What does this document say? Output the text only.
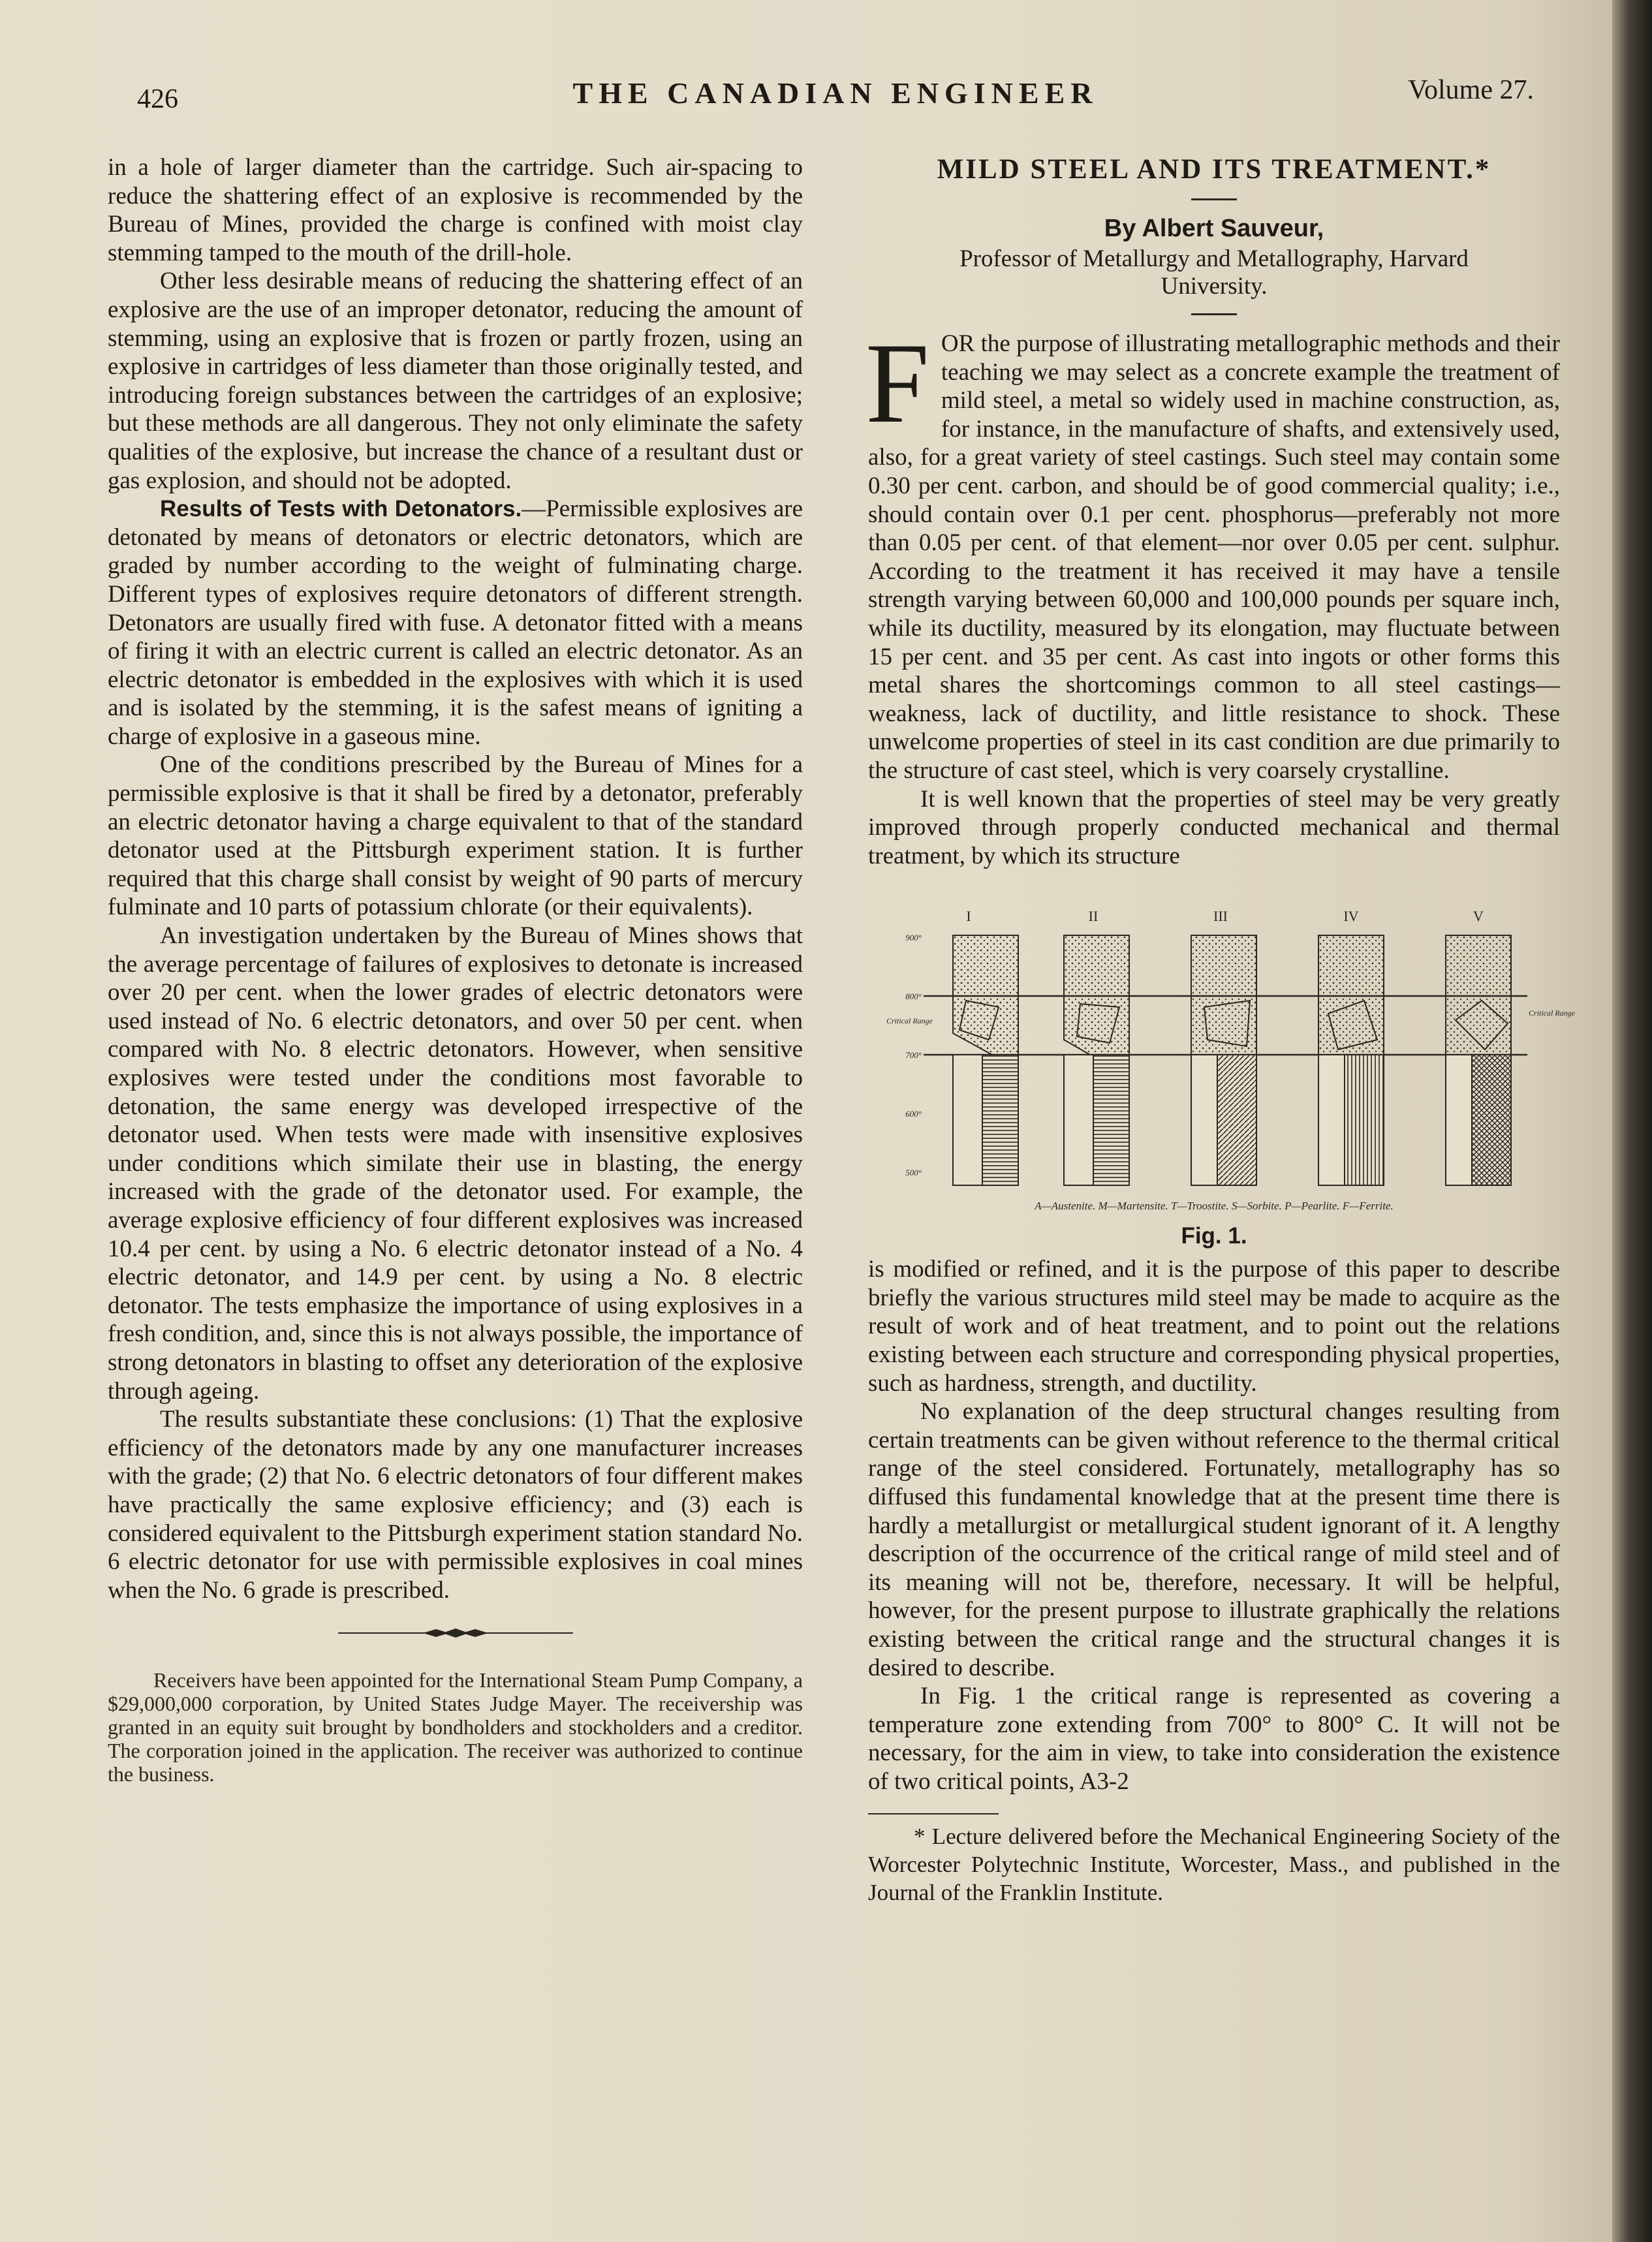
426	THE CANADIAN ENGINEER	Volume 27.

in a hole of larger diameter than the cartridge. Such air-spacing to reduce the shattering effect of an explosive is recommended by the Bureau of Mines, provided the charge is confined with moist clay stemming tamped to the mouth of the drill-hole.

Other less desirable means of reducing the shattering effect of an explosive are the use of an improper detonator, reducing the amount of stemming, using an explosive that is frozen or partly frozen, using an explosive in cartridges of less diameter than those originally tested, and introducing foreign substances between the cartridges of an explosive; but these methods are all dangerous. They not only eliminate the safety qualities of the explosive, but increase the chance of a resultant dust or gas explosion, and should not be adopted.

Results of Tests with Detonators.—Permissible explosives are detonated by means of detonators or electric detonators, which are graded by number according to the weight of fulminating charge. Different types of explosives require detonators of different strength. Detonators are usually fired with fuse. A detonator fitted with a means of firing it with an electric current is called an electric detonator. As an electric detonator is embedded in the explosives with which it is used and is isolated by the stemming, it is the safest means of igniting a charge of explosive in a gaseous mine.

One of the conditions prescribed by the Bureau of Mines for a permissible explosive is that it shall be fired by a detonator, preferably an electric detonator having a charge equivalent to that of the standard detonator used at the Pittsburgh experiment station. It is further required that this charge shall consist by weight of 90 parts of mercury fulminate and 10 parts of potassium chlorate (or their equivalents).

An investigation undertaken by the Bureau of Mines shows that the average percentage of failures of explosives to detonate is increased over 20 per cent. when the lower grades of electric detonators were used instead of No. 6 electric detonators, and over 50 per cent. when compared with No. 8 electric detonators. However, when sensitive explosives were tested under the conditions most favorable to detonation, the same energy was developed irrespective of the detonator used. When tests were made with insensitive explosives under conditions which similate their use in blasting, the energy increased with the grade of the detonator used. For example, the average explosive efficiency of four different explosives was increased 10.4 per cent. by using a No. 6 electric detonator instead of a No. 4 electric detonator, and 14.9 per cent. by using a No. 8 electric detonator. The tests emphasize the importance of using explosives in a fresh condition, and, since this is not always possible, the importance of strong detonators in blasting to offset any deterioration of the explosive through ageing.

The results substantiate these conclusions: (1) That the explosive efficiency of the detonators made by any one manufacturer increases with the grade; (2) that No. 6 electric detonators of four different makes have practically the same explosive efficiency; and (3) each is considered equivalent to the Pittsburgh experiment station standard No. 6 electric detonator for use with permissible explosives in coal mines when the No. 6 grade is prescribed.

Receivers have been appointed for the International Steam Pump Company, a $29,000,000 corporation, by United States Judge Mayer. The receivership was granted in an equity suit brought by bondholders and stockholders and a creditor. The corporation joined in the application. The receiver was authorized to continue the business.

MILD STEEL AND ITS TREATMENT.*

By Albert Sauveur,

Professor of Metallurgy and Metallography, Harvard University.

FOR the purpose of illustrating metallographic methods and their teaching we may select as a concrete example the treatment of mild steel, a metal so widely used in machine construction, as, for instance, in the manufacture of shafts, and extensively used, also, for a great variety of steel castings. Such steel may contain some 0.30 per cent. carbon, and should be of good commercial quality; i.e., should contain over 0.1 per cent. phosphorus—preferably not more than 0.05 per cent. of that element—nor over 0.05 per cent. sulphur. According to the treatment it has received it may have a tensile strength varying between 60,000 and 100,000 pounds per square inch, while its ductility, measured by its elongation, may fluctuate between 15 per cent. and 35 per cent. As cast into ingots or other forms this metal shares the shortcomings common to all steel castings—weakness, lack of ductility, and little resistance to shock. These unwelcome properties of steel in its cast condition are due primarily to the structure of cast steel, which is very coarsely crystalline.

It is well known that the properties of steel may be very greatly improved through properly conducted mechanical and thermal treatment, by which its structure

900°
800°
700°
600°
500°
Critical Range
Critical Range
I	II	III	IV	V
A—Austenite. M—Martensite. T—Troostite. S—Sorbite. P—Pearlite. F—Ferrite.

Fig. 1.

is modified or refined, and it is the purpose of this paper to describe briefly the various structures mild steel may be made to acquire as the result of work and of heat treatment, and to point out the relations existing between each structure and corresponding physical properties, such as hardness, strength, and ductility.

No explanation of the deep structural changes resulting from certain treatments can be given without reference to the thermal critical range of the steel considered. Fortunately, metallography has so diffused this fundamental knowledge that at the present time there is hardly a metallurgist or metallurgical student ignorant of it. A lengthy description of the occurrence of the critical range of mild steel and of its meaning will not be, therefore, necessary. It will be helpful, however, for the present purpose to illustrate graphically the relations existing between the critical range and the structural changes it is desired to describe.

In Fig. 1 the critical range is represented as covering a temperature zone extending from 700° to 800° C. It will not be necessary, for the aim in view, to take into consideration the existence of two critical points, A3-2

* Lecture delivered before the Mechanical Engineering Society of the Worcester Polytechnic Institute, Worcester, Mass., and published in the Journal of the Franklin Institute.
